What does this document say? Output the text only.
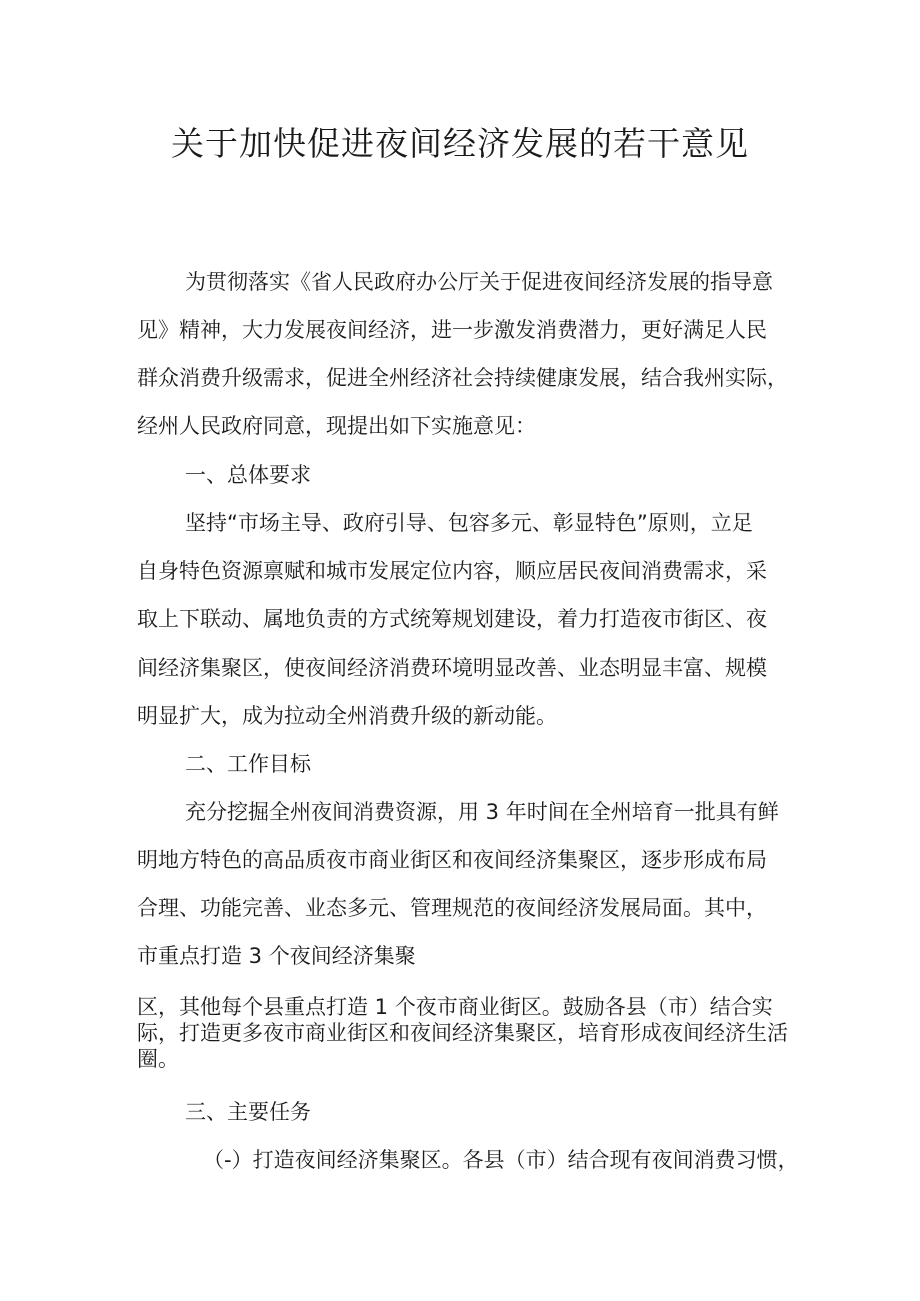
关于加快促进夜间经济发展的若干意见
为贯彻落实《省人民政府办公厅关于促进夜间经济发展的指导意
见》精神，大力发展夜间经济，进一步激发消费潜力，更好满足人民
群众消费升级需求，促进全州经济社会持续健康发展，结合我州实际，
经州人民政府同意，现提出如下实施意见：
一、总体要求
坚持“市场主导、政府引导、包容多元、彰显特色”原则，立足
自身特色资源禀赋和城市发展定位内容，顺应居民夜间消费需求，采
取上下联动、属地负责的方式统筹规划建设，着力打造夜市街区、夜
间经济集聚区，使夜间经济消费环境明显改善、业态明显丰富、规模
明显扩大，成为拉动全州消费升级的新动能。
二、工作目标
充分挖掘全州夜间消费资源，用 3 年时间在全州培育一批具有鲜
明地方特色的高品质夜市商业街区和夜间经济集聚区，逐步形成布局
合理、功能完善、业态多元、管理规范的夜间经济发展局面。其中，
市重点打造 3 个夜间经济集聚

区，其他每个县重点打造 1 个夜市商业街区。鼓励各县（市）结合实际，打造更多夜市商业街区和夜间经济集聚区，培育形成夜间经济生活圈。

三、主要任务
（-）打造夜间经济集聚区。各县（市）结合现有夜间消费习惯，
